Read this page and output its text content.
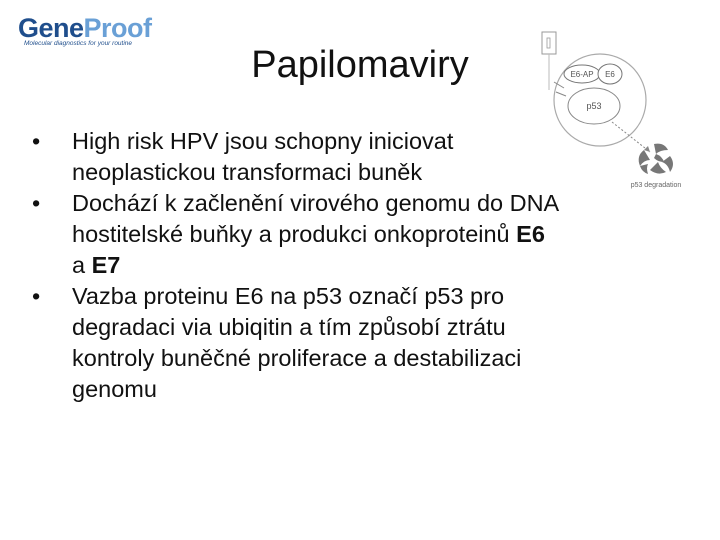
GeneProof
Molecular diagnostics for your routine
Papilomaviry	E6-AP E6
p53
p53 degradation
•	High risk HPV jsou schopny iniciovat
neoplastickou transformaci buněk
•	Dochází k začlenění virového genomu do DNA
hostitelské buňky a produkci onkoproteinů E6
a E7
•	Vazba proteinu E6 na p53 označí p53 pro
degradaci via ubiqitin a tím způsobí ztrátu
kontroly buněčné proliferace a destabilizaci
genomu
